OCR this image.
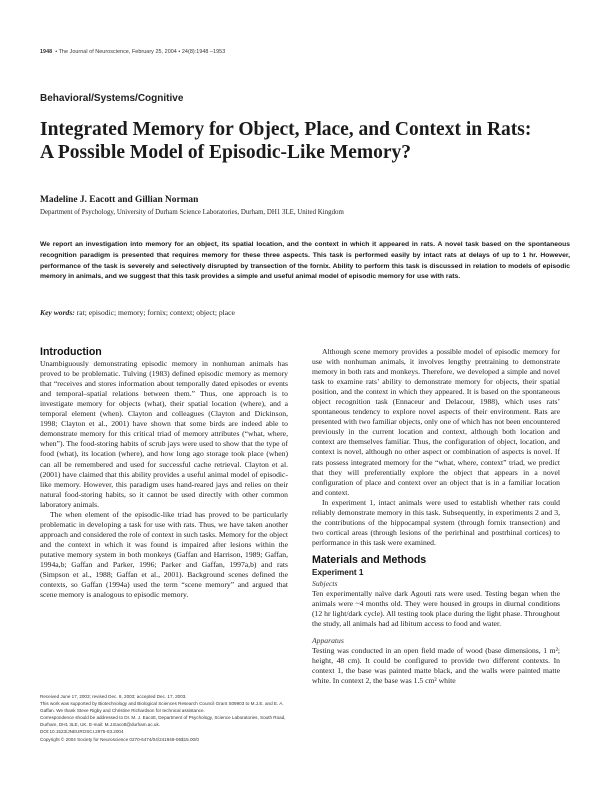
1948 • The Journal of Neuroscience, February 25, 2004 • 24(8):1948 –1953
Behavioral/Systems/Cognitive
Integrated Memory for Object, Place, and Context in Rats:
A Possible Model of Episodic-Like Memory?
Madeline J. Eacott and Gillian Norman
Department of Psychology, University of Durham Science Laboratories, Durham, DH1 3LE, United Kingdom
We report an investigation into memory for an object, its spatial location, and the context in which it appeared in rats. A novel task based on the spontaneous recognition paradigm is presented that requires memory for these three aspects. This task is performed easily by intact rats at delays of up to 1 hr. However, performance of the task is severely and selectively disrupted by transection of the fornix. Ability to perform this task is discussed in relation to models of episodic memory in animals, and we suggest that this task provides a simple and useful animal model of episodic memory for use with rats.
Key words: rat; episodic; memory; fornix; context; object; place
Introduction

Unambiguously demonstrating episodic memory in nonhuman animals has proved to be problematic. Tulving (1983) defined episodic memory as memory that “receives and stores information about temporally dated episodes or events and temporal–spatial relations between them.” Thus, one approach is to investigate memory for objects (what), their spatial location (where), and a temporal element (when). Clayton and colleagues (Clayton and Dickinson, 1998; Clayton et al., 2001) have shown that some birds are indeed able to demonstrate memory for this critical triad of memory attributes (“what, where, when”). The food-storing habits of scrub jays were used to show that the type of food (what), its location (where), and how long ago storage took place (when) can all be remembered and used for successful cache retrieval. Clayton et al. (2001) have claimed that this ability provides a useful animal model of episodic-like memory. However, this paradigm uses hand-reared jays and relies on their natural food-storing habits, so it cannot be used directly with other common laboratory animals.

The when element of the episodic-like triad has proved to be particularly problematic in developing a task for use with rats. Thus, we have taken another approach and considered the role of context in such tasks. Memory for the object and the context in which it was found is impaired after lesions within the putative memory system in both monkeys (Gaffan and Harrison, 1989; Gaffan, 1994a,b; Gaffan and Parker, 1996; Parker and Gaffan, 1997a,b) and rats (Simpson et al., 1988; Gaffan et al., 2001). Background scenes defined the contexts, so Gaffan (1994a) used the term “scene memory” and argued that scene memory is analogous to episodic memory.

Although scene memory provides a possible model of episodic memory for use with nonhuman animals, it involves lengthy pretraining to demonstrate memory in both rats and monkeys. Therefore, we developed a simple and novel task to examine rats’ ability to demonstrate memory for objects, their spatial position, and the context in which they appeared. It is based on the spontaneous object recognition task (Ennaceur and Delacour, 1988), which uses rats’ spontaneous tendency to explore novel aspects of their environment. Rats are presented with two familiar objects, only one of which has not been encountered previously in the current location and context, although both location and context are themselves familiar. Thus, the configuration of object, location, and context is novel, although no other aspect or combination of aspects is novel. If rats possess integrated memory for the “what, where, context” triad, we predict that they will preferentially explore the object that appears in a novel configuration of place and context over an object that is in a familiar location and context.

In experiment 1, intact animals were used to establish whether rats could reliably demonstrate memory in this task. Subsequently, in experiments 2 and 3, the contributions of the hippocampal system (through fornix transection) and two cortical areas (through lesions of the perirhinal and postrhinal cortices) to performance in this task were examined.

Materials and Methods
Experiment 1
Subjects

Ten experimentally naïve dark Agouti rats were used. Testing began when the animals were ~4 months old. They were housed in groups in diurnal conditions (12 hr light/dark cycle). All testing took place during the light phase. Throughout the study, all animals had ad libitum access to food and water.

Apparatus

Testing was conducted in an open field made of wood (base dimensions, 1 m²; height, 48 cm). It could be configured to provide two different contexts. In context 1, the base was painted matte black, and the walls were painted matte white. In context 2, the base was 1.5 cm² white

Received June 17, 2003; revised Dec. 8, 2003; accepted Dec. 17, 2003.
This work was supported by Biotechnology and Biological Sciences Research Council Grant S09903 to M.J.E. and E. A. Gaffan. We thank Steve Rigby and Christine Richardson for technical assistance.
Correspondence should be addressed to Dr. M. J. Eacott, Department of Psychology, Science Laboratories, South Road, Durham, DH1 3LE, UK. E-mail: M.J.Eacott@durham.ac.uk.
DOI:10.1523/JNEUROSCI.2975-03.2004
Copyright © 2004 Society for Neuroscience 0270-6474/04/241948-06$15.00/0
